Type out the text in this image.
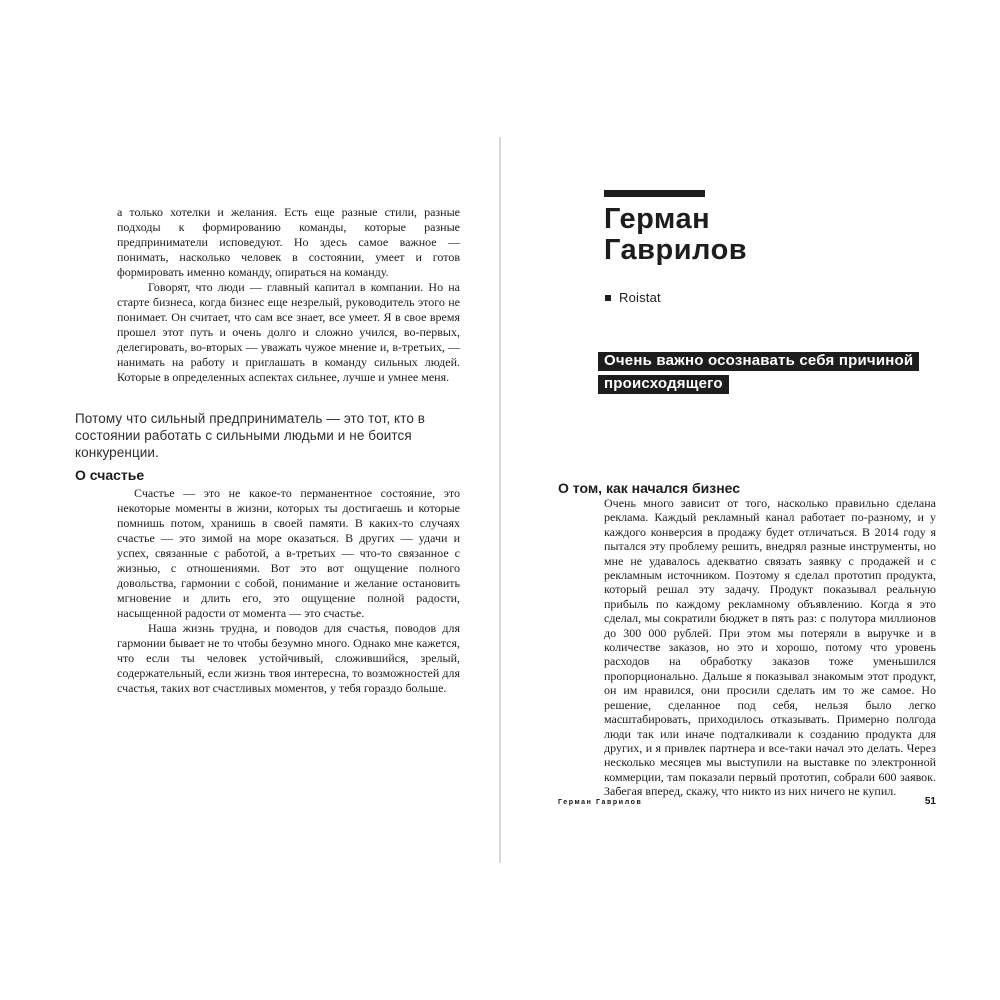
а только хотелки и желания. Есть еще разные стили, разные подходы к формированию команды, которые разные предприниматели исповедуют. Но здесь самое важное — понимать, насколько человек в состоянии, умеет и готов формировать именно команду, опираться на команду.

Говорят, что люди — главный капитал в компании. Но на старте бизнеса, когда бизнес еще незрелый, руководитель этого не понимает. Он считает, что сам все знает, все умеет. Я в свое время прошел этот путь и очень долго и сложно учился, во-первых, делегировать, во-вторых — уважать чужое мнение и, в-третьих, — нанимать на работу и приглашать в команду сильных людей. Которые в определенных аспектах сильнее, лучше и умнее меня.

Потому что сильный предприниматель — это тот, кто в состоянии работать с сильными людьми и не боится конкуренции.
О счастье

Счастье — это не какое-то перманентное состояние, это некоторые моменты в жизни, которых ты достигаешь и которые помнишь потом, хранишь в своей памяти. В каких-то случаях счастье — это зимой на море оказаться. В других — удачи и успех, связанные с работой, а в-третьих — что-то связанное с жизнью, с отношениями. Вот это вот ощущение полного довольства, гармонии с собой, понимание и желание остановить мгновение и длить его, это ощущение полной радости, насыщенной радости от момента — это счастье.

Наша жизнь трудна, и поводов для счастья, поводов для гармонии бывает не то чтобы безумно много. Однако мне кажется, что если ты человек устойчивый, сложившийся, зрелый, содержательный, если жизнь твоя интересна, то возможностей для счастья, таких вот счастливых моментов, у тебя гораздо больше.

Герман
Гаврилов
Roistat
Очень важно осознавать себя причиной
происходящего
О том, как начался бизнес

Очень много зависит от того, насколько правильно сделана реклама. Каждый рекламный канал работает по-разному, и у каждого конверсия в продажу будет отличаться. В 2014 году я пытался эту проблему решить, внедрял разные инструменты, но мне не удавалось адекватно связать заявку с продажей и с рекламным источником. Поэтому я сделал прототип продукта, который решал эту задачу. Продукт показывал реальную прибыль по каждому рекламному объявлению. Когда я это сделал, мы сократили бюджет в пять раз: с полутора миллионов до 300 000 рублей. При этом мы потеряли в выручке и в количестве заказов, но это и хорошо, потому что уровень расходов на обработку заказов тоже уменьшился пропорционально. Дальше я показывал знакомым этот продукт, он им нравился, они просили сделать им то же самое. Но решение, сделанное под себя, нельзя было легко масштабировать, приходилось отказывать. Примерно полгода люди так или иначе подталкивали к созданию продукта для других, и я привлек партнера и все-таки начал это делать. Через несколько месяцев мы выступили на выставке по электронной коммерции, там показали первый прототип, собрали 600 заявок. Забегая вперед, скажу, что никто из них ничего не купил.

Герман Гаврилов	51
